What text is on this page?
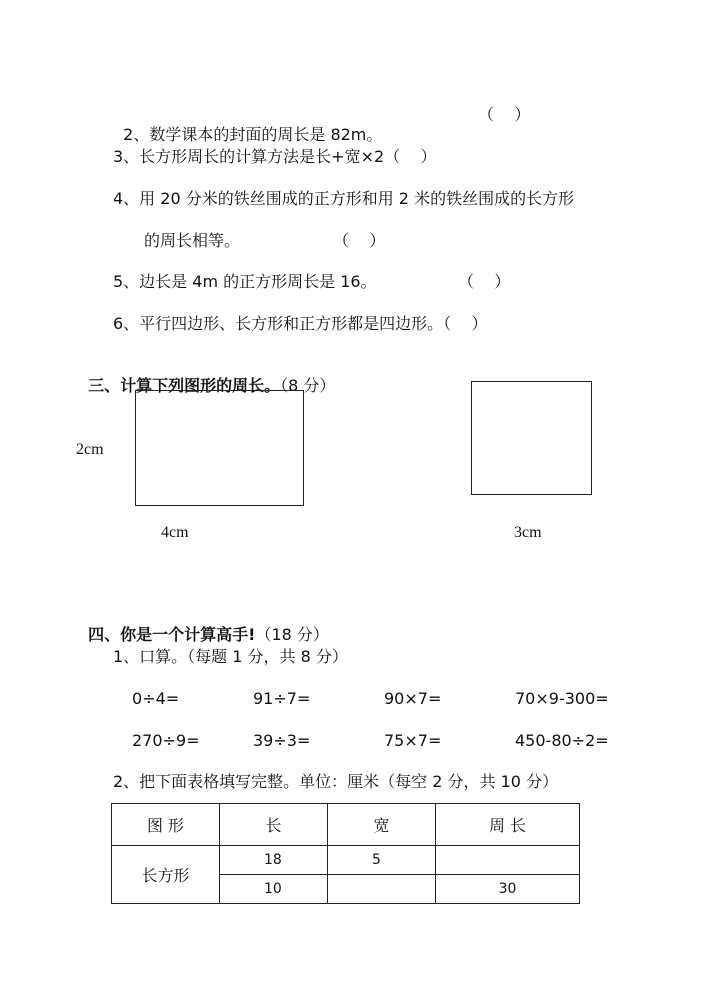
2、数学课本的封面的周长是 82m。

（    ）
3、长方形周长的计算方法是长+宽×2（    ）
4、用 20 分米的铁丝围成的正方形和用 2 米的铁丝围成的长方形
的周长相等。	（    ）
5、边长是 4m 的正方形周长是 16。	（    ）
6、平行四边形、长方形和正方形都是四边形。（    ）

三、计算下列图形的周长。（8 分）

2cm
4cm	3cm

四、你是一个计算高手!（18 分）

1、口算。（每题 1 分，共 8 分）
0÷4=	91÷7=	90×7=	70×9-300=
270÷9=	39÷3=	75×7=	450-80÷2=
2、把下面表格填写完整。单位：厘米（每空 2 分，共 10 分）
图 形	长	宽	周 长
长方形	18	5	
	10		30
